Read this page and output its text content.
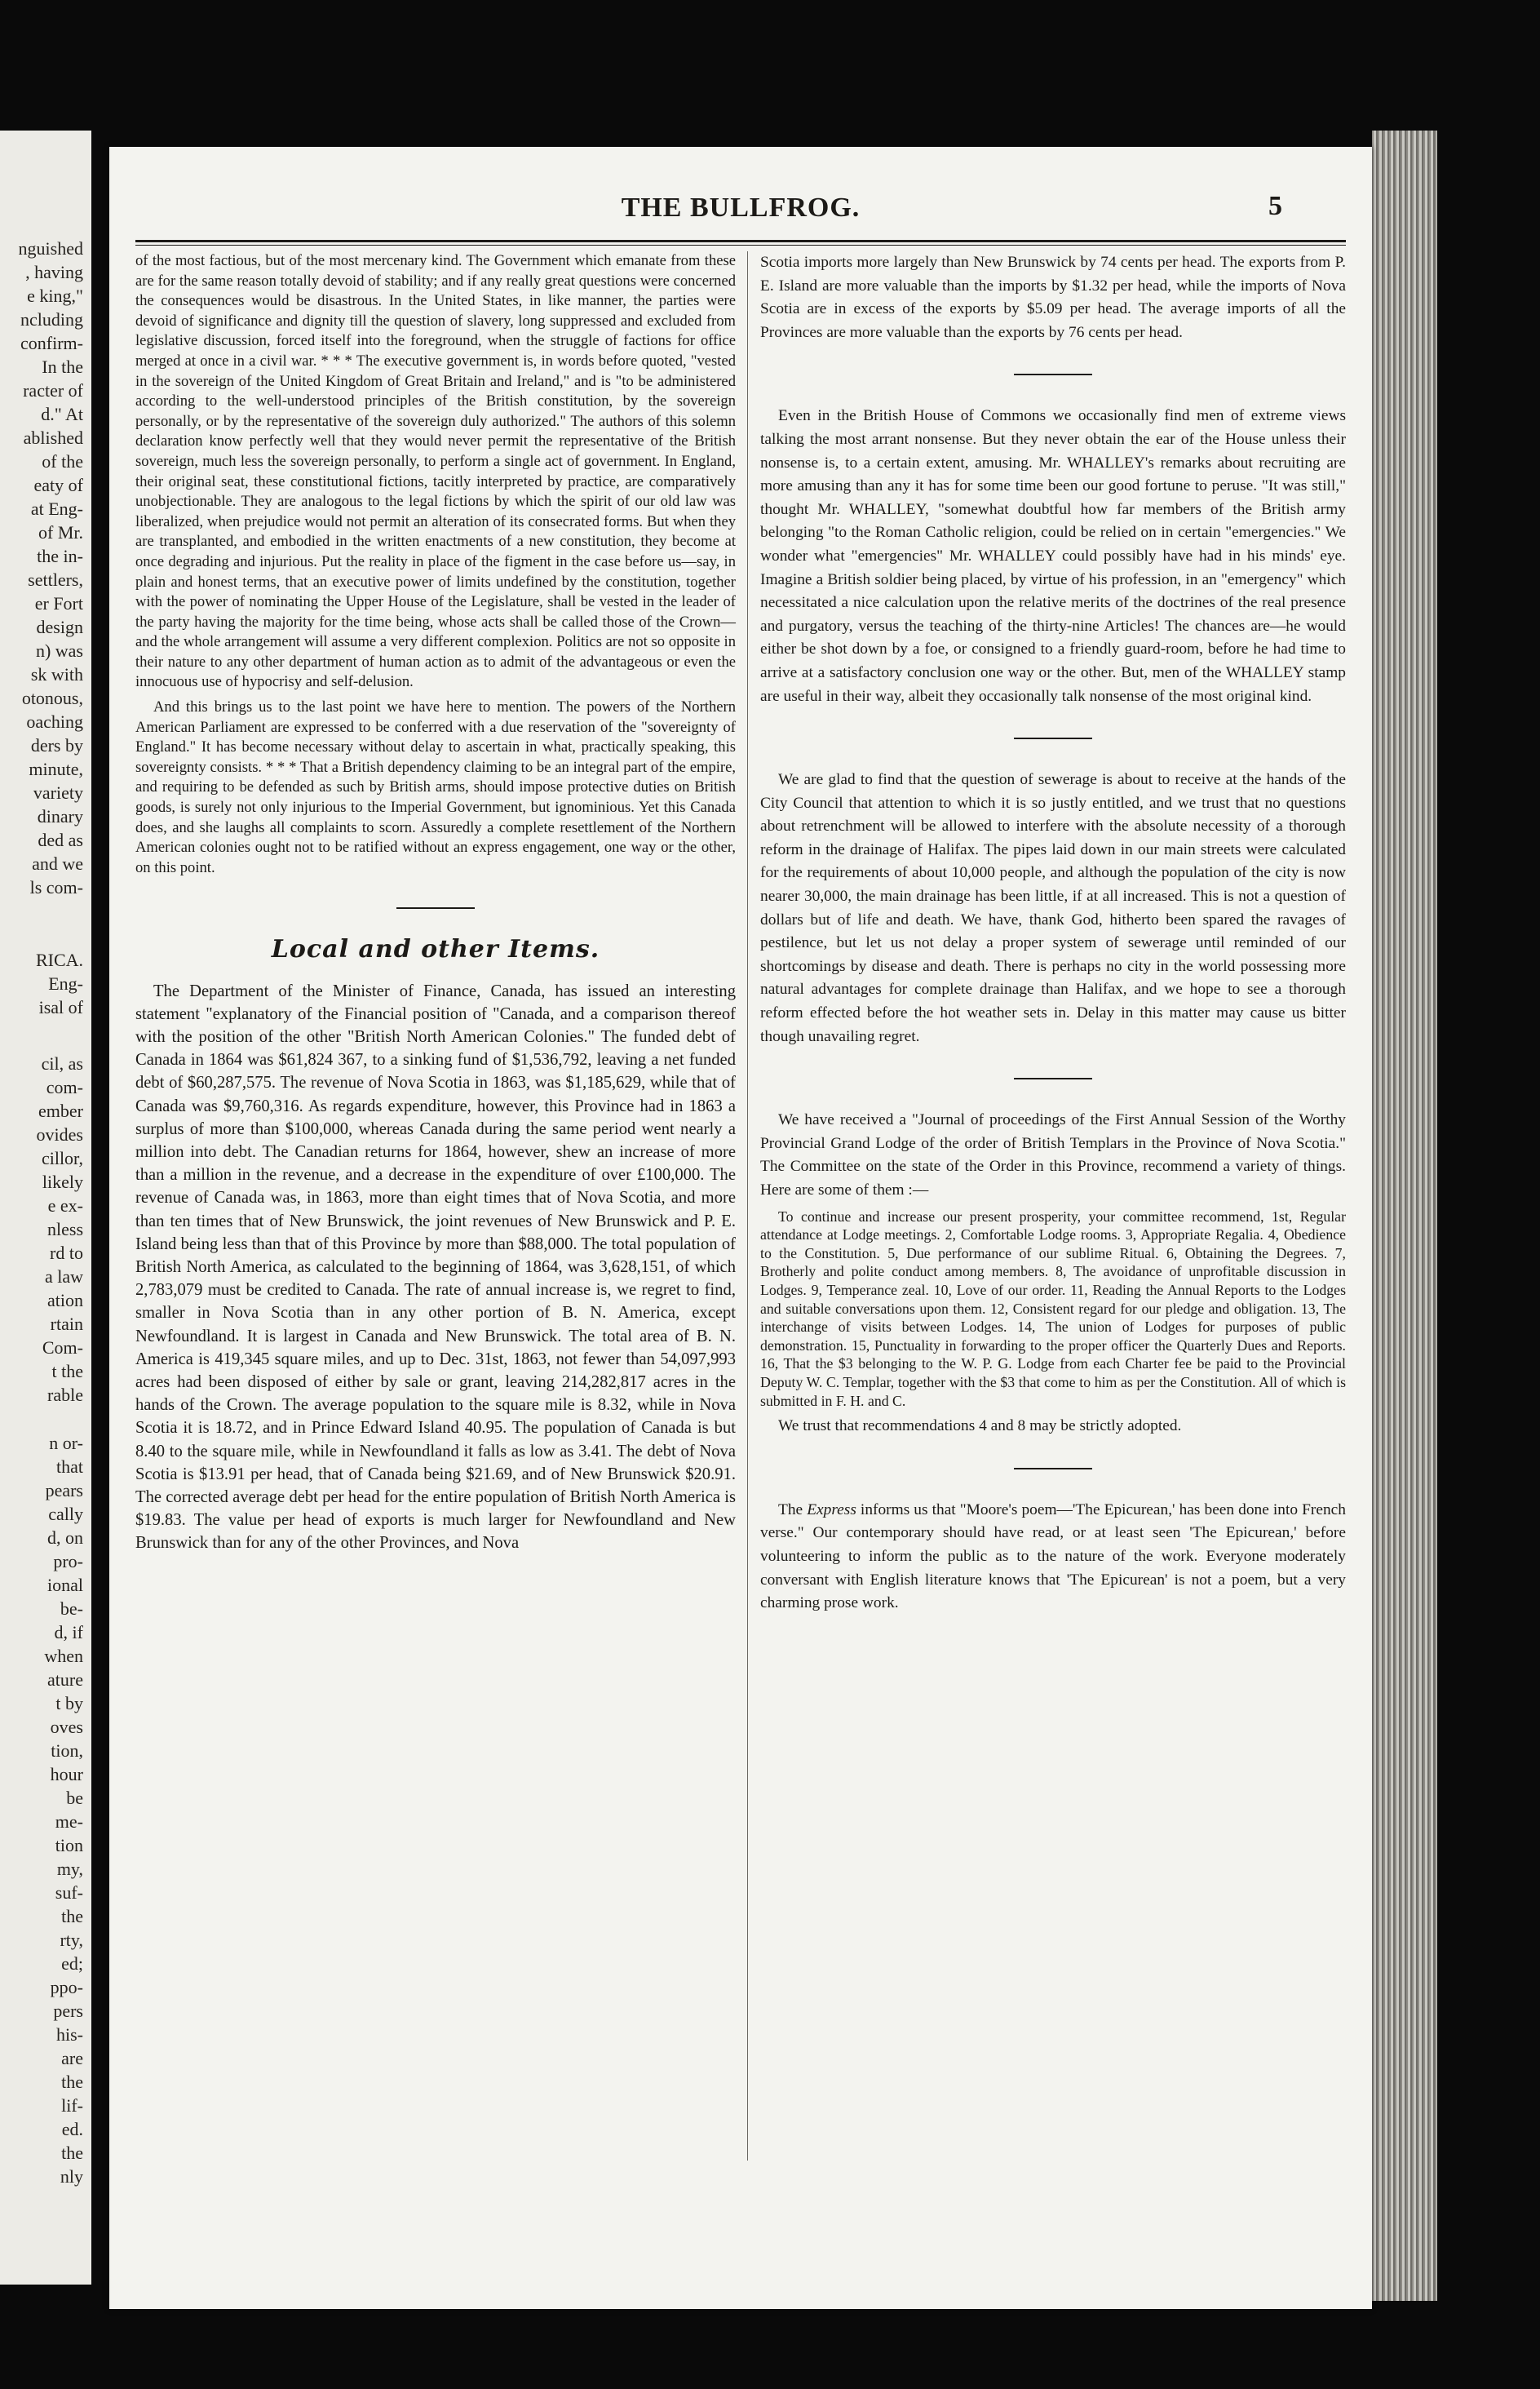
nguished
, having
e king,"
ncluding
confirm-
In the
racter of
d." At
ablished
of the
eaty of
at Eng-
of Mr.
the in-
settlers,
er Fort
design
n) was
sk with
otonous,
oaching
ders by
minute,
variety
dinary
ded as
and we
ls com-
RICA.
Eng-
isal of
cil, as
com-
ember
ovides
cillor,
likely
e ex-
nless
rd to
a law
ation
rtain
Com-
t the
rable
n or-
that
pears
cally
d, on
pro-
ional
be-
d, if
when
ature
t by
oves
tion,
hour
be
me-
tion
my,
suf-
the
rty,
ed;
ppo-
pers
his-
are
the
lif-
ed.
the
nly
THE BULLFROG.	5

of the most factious, but of the most mercenary kind. The Government which emanate from these are for the same reason totally devoid of stability; and if any really great questions were concerned the consequences would be disastrous. In the United States, in like manner, the parties were devoid of significance and dignity till the question of slavery, long suppressed and excluded from legislative discussion, forced itself into the foreground, when the struggle of factions for office merged at once in a civil war. * * * The executive government is, in words before quoted, "vested in the sovereign of the United Kingdom of Great Britain and Ireland," and is "to be administered according to the well-understood principles of the British constitution, by the sovereign personally, or by the representative of the sovereign duly authorized." The authors of this solemn declaration know perfectly well that they would never permit the representative of the British sovereign, much less the sovereign personally, to perform a single act of government. In England, their original seat, these constitutional fictions, tacitly interpreted by practice, are comparatively unobjectionable. They are analogous to the legal fictions by which the spirit of our old law was liberalized, when prejudice would not permit an alteration of its consecrated forms. But when they are transplanted, and embodied in the written enactments of a new constitution, they become at once degrading and injurious. Put the reality in place of the figment in the case before us—say, in plain and honest terms, that an executive power of limits undefined by the constitution, together with the power of nominating the Upper House of the Legislature, shall be vested in the leader of the party having the majority for the time being, whose acts shall be called those of the Crown—and the whole arrangement will assume a very different complexion. Politics are not so opposite in their nature to any other department of human action as to admit of the advantageous or even the innocuous use of hypocrisy and self-delusion.

And this brings us to the last point we have here to mention. The powers of the Northern American Parliament are expressed to be conferred with a due reservation of the "sovereignty of England." It has become necessary without delay to ascertain in what, practically speaking, this sovereignty consists. * * * That a British dependency claiming to be an integral part of the empire, and requiring to be defended as such by British arms, should impose protective duties on British goods, is surely not only injurious to the Imperial Government, but ignominious. Yet this Canada does, and she laughs all complaints to scorn. Assuredly a complete resettlement of the Northern American colonies ought not to be ratified without an express engagement, one way or the other, on this point.

Local and other Items.

The Department of the Minister of Finance, Canada, has issued an interesting statement "explanatory of the Financial position of "Canada, and a comparison thereof with the position of the other "British North American Colonies." The funded debt of Canada in 1864 was $61,824 367, to a sinking fund of $1,536,792, leaving a net funded debt of $60,287,575. The revenue of Nova Scotia in 1863, was $1,185,629, while that of Canada was $9,760,316. As regards expenditure, however, this Province had in 1863 a surplus of more than $100,000, whereas Canada during the same period went nearly a million into debt. The Canadian returns for 1864, however, shew an increase of more than a million in the revenue, and a decrease in the expenditure of over £100,000. The revenue of Canada was, in 1863, more than eight times that of Nova Scotia, and more than ten times that of New Brunswick, the joint revenues of New Brunswick and P. E. Island being less than that of this Province by more than $88,000. The total population of British North America, as calculated to the beginning of 1864, was 3,628,151, of which 2,783,079 must be credited to Canada. The rate of annual increase is, we regret to find, smaller in Nova Scotia than in any other portion of B. N. America, except Newfoundland. It is largest in Canada and New Brunswick. The total area of B. N. America is 419,345 square miles, and up to Dec. 31st, 1863, not fewer than 54,097,993 acres had been disposed of either by sale or grant, leaving 214,282,817 acres in the hands of the Crown. The average population to the square mile is 8.32, while in Nova Scotia it is 18.72, and in Prince Edward Island 40.95. The population of Canada is but 8.40 to the square mile, while in Newfoundland it falls as low as 3.41. The debt of Nova Scotia is $13.91 per head, that of Canada being $21.69, and of New Brunswick $20.91. The corrected average debt per head for the entire population of British North America is $19.83. The value per head of exports is much larger for Newfoundland and New Brunswick than for any of the other Provinces, and Nova

Scotia imports more largely than New Brunswick by 74 cents per head. The exports from P. E. Island are more valuable than the imports by $1.32 per head, while the imports of Nova Scotia are in excess of the exports by $5.09 per head. The average imports of all the Provinces are more valuable than the exports by 76 cents per head.

Even in the British House of Commons we occasionally find men of extreme views talking the most arrant nonsense. But they never obtain the ear of the House unless their nonsense is, to a certain extent, amusing. Mr. WHALLEY's remarks about recruiting are more amusing than any it has for some time been our good fortune to peruse. "It was still," thought Mr. WHALLEY, "somewhat doubtful how far members of the British army belonging "to the Roman Catholic religion, could be relied on in certain "emergencies." We wonder what "emergencies" Mr. WHALLEY could possibly have had in his minds' eye. Imagine a British soldier being placed, by virtue of his profession, in an "emergency" which necessitated a nice calculation upon the relative merits of the doctrines of the real presence and purgatory, versus the teaching of the thirty-nine Articles! The chances are—he would either be shot down by a foe, or consigned to a friendly guard-room, before he had time to arrive at a satisfactory conclusion one way or the other. But, men of the WHALLEY stamp are useful in their way, albeit they occasionally talk nonsense of the most original kind.

We are glad to find that the question of sewerage is about to receive at the hands of the City Council that attention to which it is so justly entitled, and we trust that no questions about retrenchment will be allowed to interfere with the absolute necessity of a thorough reform in the drainage of Halifax. The pipes laid down in our main streets were calculated for the requirements of about 10,000 people, and although the population of the city is now nearer 30,000, the main drainage has been little, if at all increased. This is not a question of dollars but of life and death. We have, thank God, hitherto been spared the ravages of pestilence, but let us not delay a proper system of sewerage until reminded of our shortcomings by disease and death. There is perhaps no city in the world possessing more natural advantages for complete drainage than Halifax, and we hope to see a thorough reform effected before the hot weather sets in. Delay in this matter may cause us bitter though unavailing regret.

We have received a "Journal of proceedings of the First Annual Session of the Worthy Provincial Grand Lodge of the order of British Templars in the Province of Nova Scotia." The Committee on the state of the Order in this Province, recommend a variety of things. Here are some of them :—

To continue and increase our present prosperity, your committee recommend, 1st, Regular attendance at Lodge meetings. 2, Comfortable Lodge rooms. 3, Appropriate Regalia. 4, Obedience to the Constitution. 5, Due performance of our sublime Ritual. 6, Obtaining the Degrees. 7, Brotherly and polite conduct among members. 8, The avoidance of unprofitable discussion in Lodges. 9, Temperance zeal. 10, Love of our order. 11, Reading the Annual Reports to the Lodges and suitable conversations upon them. 12, Consistent regard for our pledge and obligation. 13, The interchange of visits between Lodges. 14, The union of Lodges for purposes of public demonstration. 15, Punctuality in forwarding to the proper officer the Quarterly Dues and Reports. 16, That the $3 belonging to the W. P. G. Lodge from each Charter fee be paid to the Provincial Deputy W. C. Templar, together with the $3 that come to him as per the Constitution. All of which is submitted in F. H. and C.

We trust that recommendations 4 and 8 may be strictly adopted.

The Express informs us that "Moore's poem—'The Epicurean,' has been done into French verse." Our contemporary should have read, or at least seen 'The Epicurean,' before volunteering to inform the public as to the nature of the work. Everyone moderately conversant with English literature knows that 'The Epicurean' is not a poem, but a very charming prose work.
